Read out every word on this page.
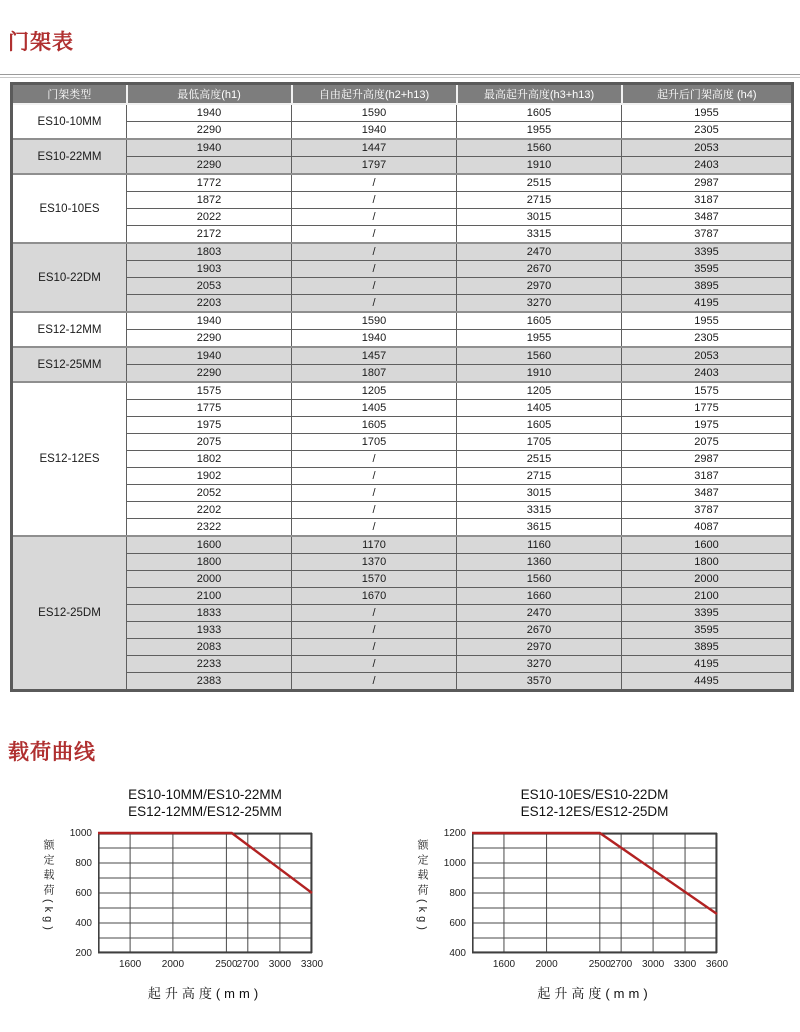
门架表
门架类型	最低高度(h1)	自由起升高度(h2+h13)	最高起升高度(h3+h13)	起升后门架高度 (h4)
ES10-10MM	1940	1590	1605	1955
	2290	1940	1955	2305
ES10-22MM	1940	1447	1560	2053
	2290	1797	1910	2403
ES10-10ES	1772	/	2515	2987
	1872	/	2715	3187
	2022	/	3015	3487
	2172	/	3315	3787
ES10-22DM	1803	/	2470	3395
	1903	/	2670	3595
	2053	/	2970	3895
	2203	/	3270	4195
ES12-12MM	1940	1590	1605	1955
	2290	1940	1955	2305
ES12-25MM	1940	1457	1560	2053
	2290	1807	1910	2403
ES12-12ES	1575	1205	1205	1575
	1775	1405	1405	1775
	1975	1605	1605	1975
	2075	1705	1705	2075
	1802	/	2515	2987
	1902	/	2715	3187
	2052	/	3015	3487
	2202	/	3315	3787
	2322	/	3615	4087
ES12-25DM	1600	1170	1160	1600
	1800	1370	1360	1800
	2000	1570	1560	2000
	2100	1670	1660	2100
	1833	/	2470	3395
	1933	/	2670	3595
	2083	/	2970	3895
	2233	/	3270	4195
	2383	/	3570	4495
载荷曲线
ES10-10MM/ES10-22MM
ES12-12MM/ES12-25MM
1000
800
600
400
200
1600	2000	2500 2700 3000 3300
额定载荷(kg)
起升高度(mm)
ES10-10ES/ES10-22DM
ES12-12ES/ES12-25DM
1200
1000
800
600
400
1600	2000	2500 2700 3000 3300 3600
额定载荷(kg)
起升高度(mm)
